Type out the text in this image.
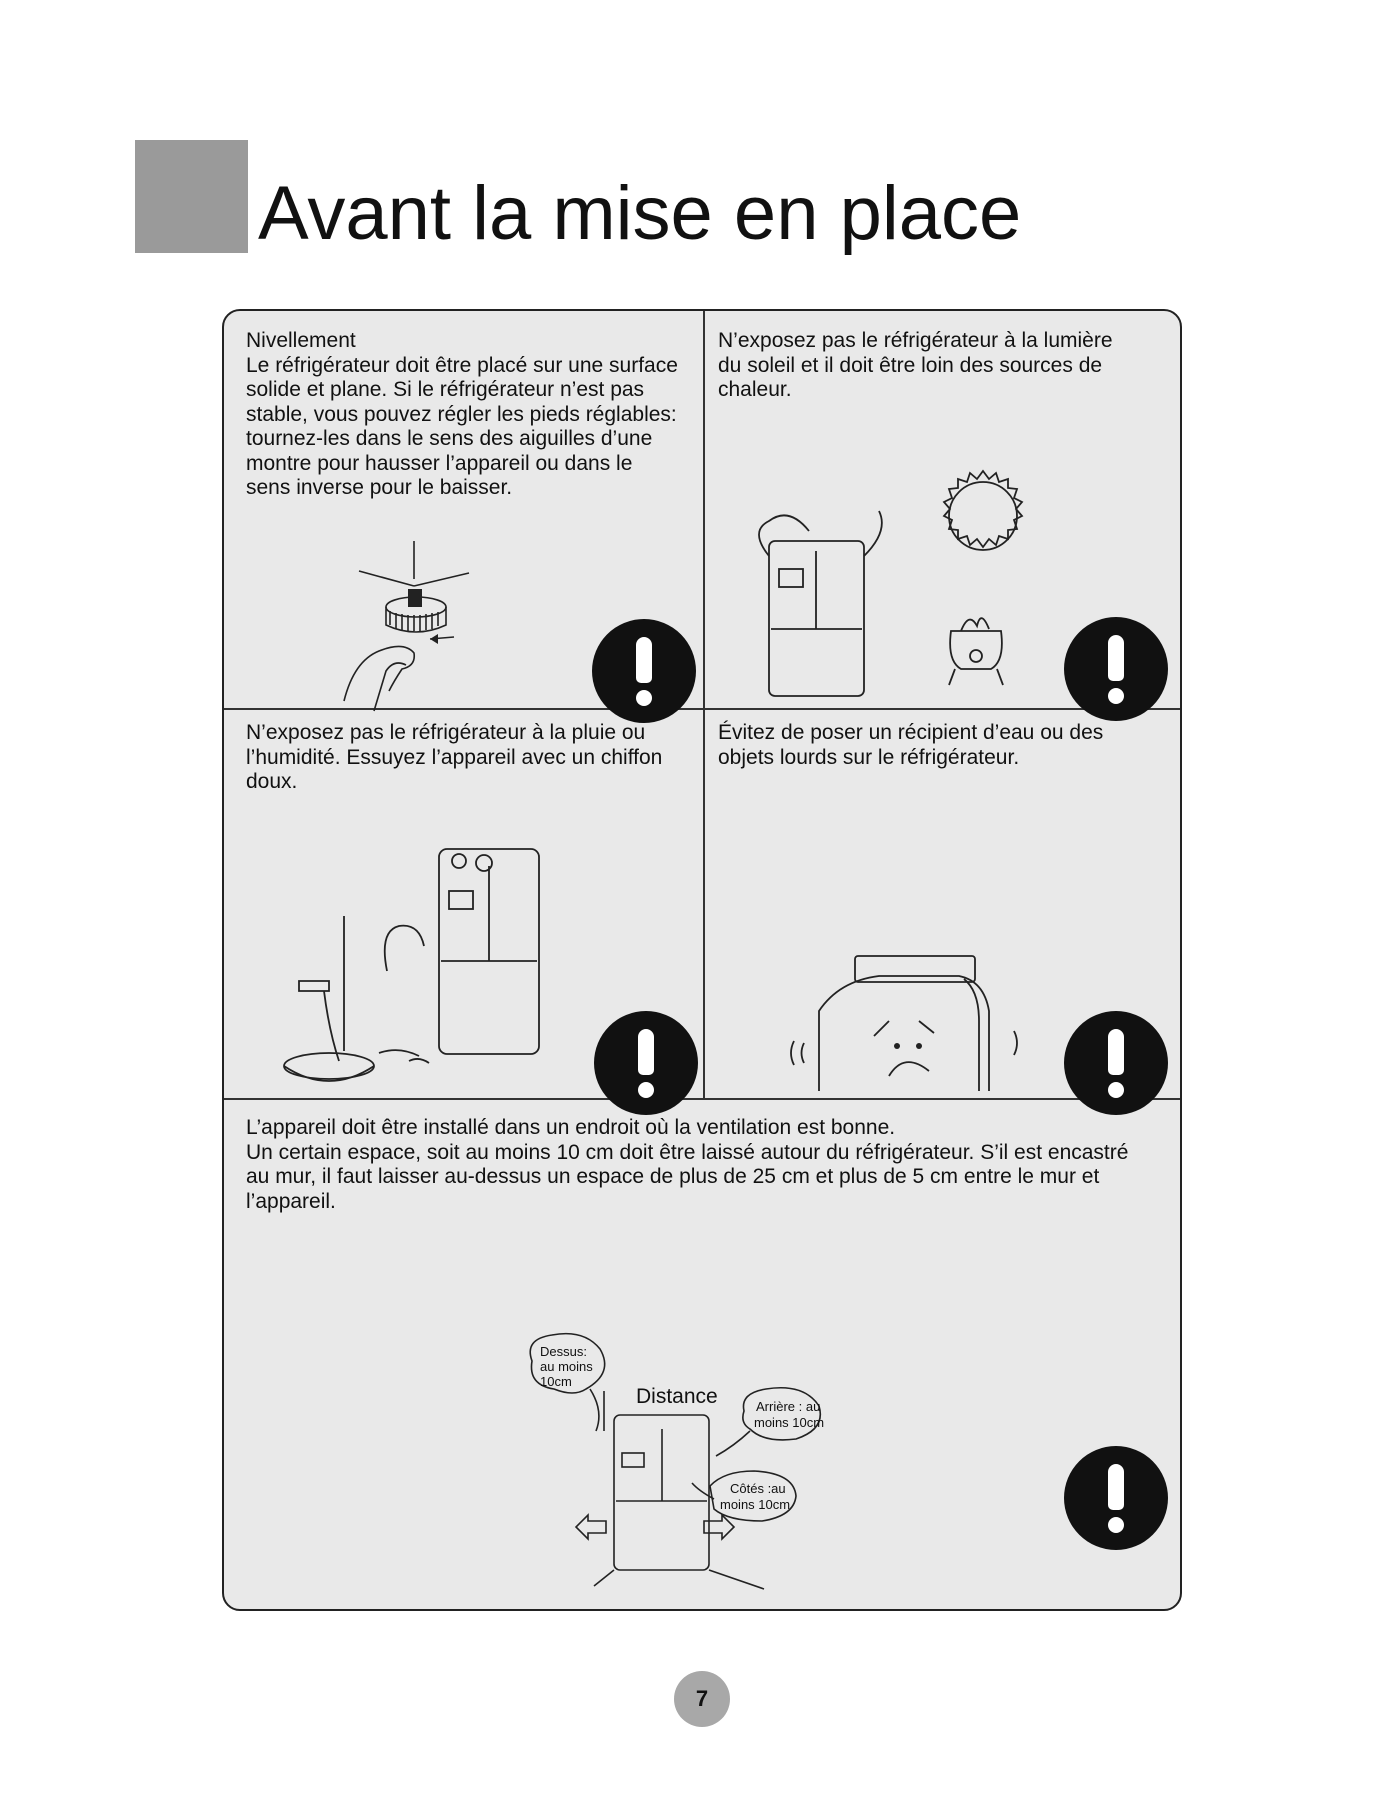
Avant la mise en place
Nivellement
Le réfrigérateur doit être placé sur une surface
solide et plane. Si le réfrigérateur n’est pas
stable, vous pouvez régler les pieds réglables:
tournez-les dans le sens des aiguilles d’une
montre pour hausser l’appareil ou dans le
sens inverse pour le baisser.
N’exposez pas le réfrigérateur à la lumière
du soleil et il doit être loin des sources de
chaleur.
N’exposez pas le réfrigérateur à la pluie ou
l’humidité. Essuyez l’appareil avec un chiffon
doux.
Évitez de poser un récipient d’eau ou des
objets lourds sur le réfrigérateur.
L’appareil doit être installé dans un endroit où la ventilation est bonne.
Un certain espace, soit au moins 10 cm doit être laissé autour du réfrigérateur. S’il est encastré
au mur, il faut laisser au-dessus un espace de plus de 25 cm et plus de 5 cm entre le mur et
l’appareil.
Distance
Dessus:
au moins
10cm
Arrière : au
moins 10cm
Côtés :au
moins 10cm
7
